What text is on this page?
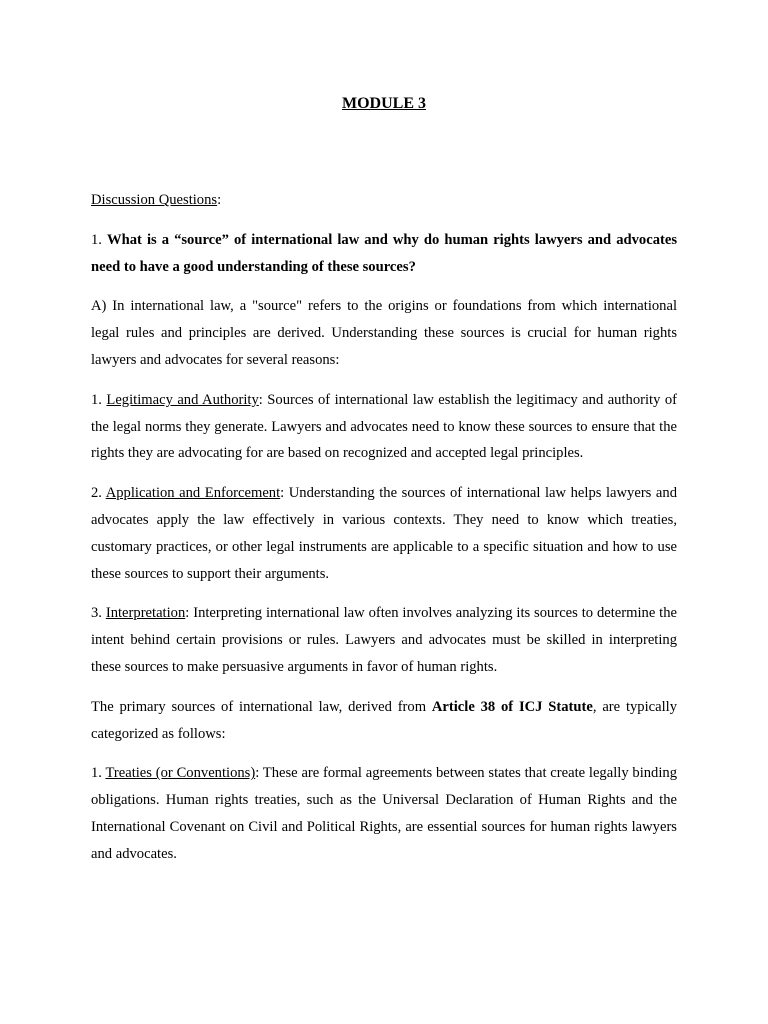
MODULE 3

Discussion Questions:

1. What is a “source” of international law and why do human rights lawyers and advocates need to have a good understanding of these sources?

A) In international law, a "source" refers to the origins or foundations from which international legal rules and principles are derived. Understanding these sources is crucial for human rights lawyers and advocates for several reasons:

1. Legitimacy and Authority: Sources of international law establish the legitimacy and authority of the legal norms they generate. Lawyers and advocates need to know these sources to ensure that the rights they are advocating for are based on recognized and accepted legal principles.

2. Application and Enforcement: Understanding the sources of international law helps lawyers and advocates apply the law effectively in various contexts. They need to know which treaties, customary practices, or other legal instruments are applicable to a specific situation and how to use these sources to support their arguments.

3. Interpretation: Interpreting international law often involves analyzing its sources to determine the intent behind certain provisions or rules. Lawyers and advocates must be skilled in interpreting these sources to make persuasive arguments in favor of human rights.

The primary sources of international law, derived from Article 38 of ICJ Statute, are typically categorized as follows:

1. Treaties (or Conventions): These are formal agreements between states that create legally binding obligations. Human rights treaties, such as the Universal Declaration of Human Rights and the International Covenant on Civil and Political Rights, are essential sources for human rights lawyers and advocates.
